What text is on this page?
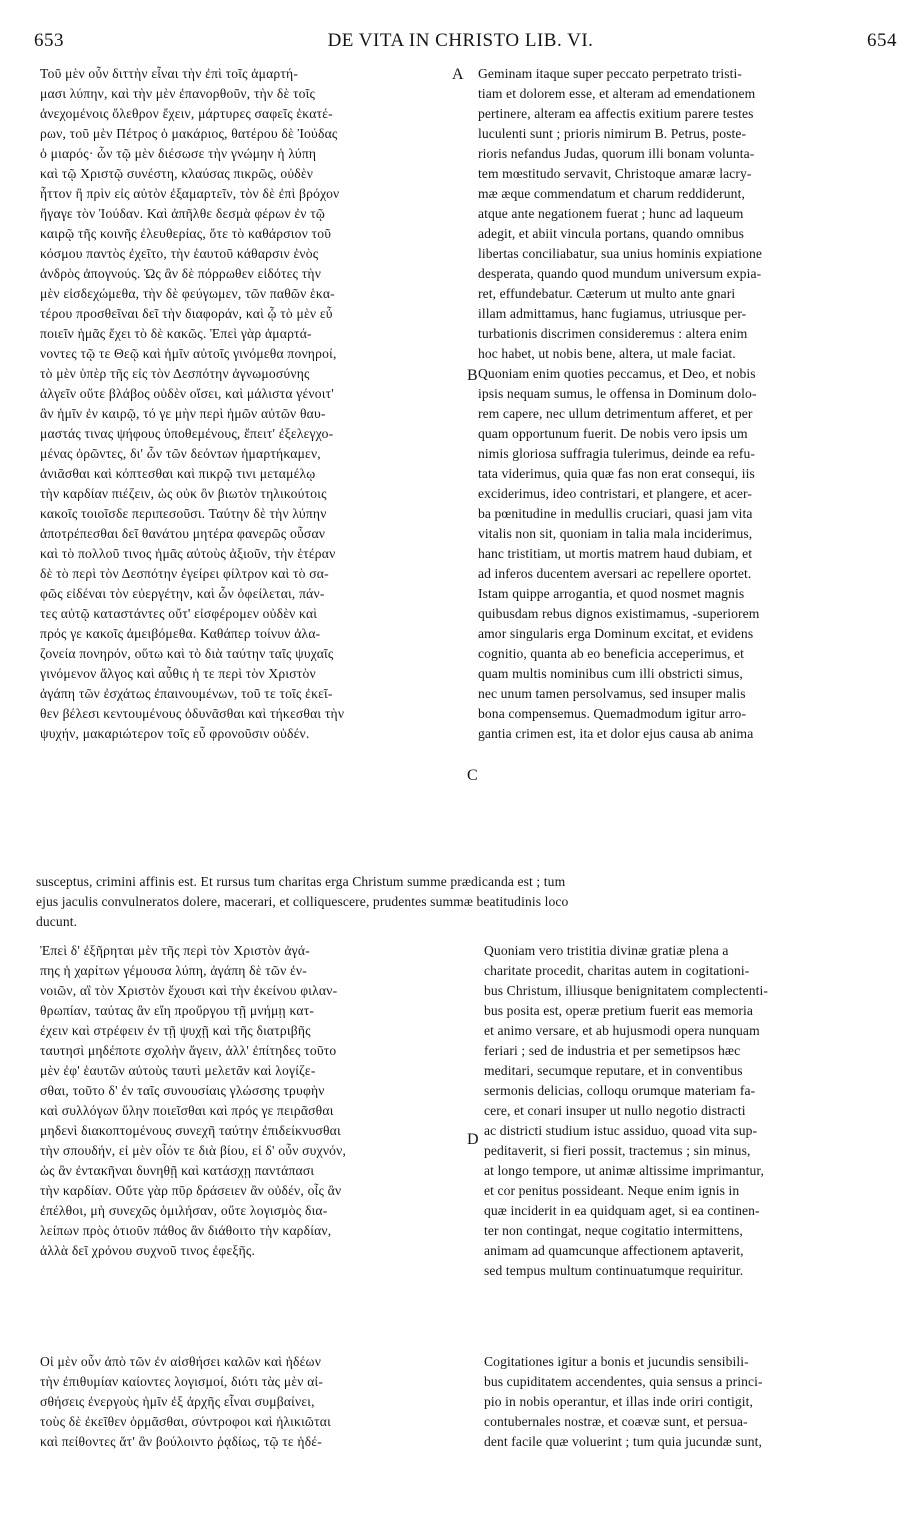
653	DE VITA IN CHRISTO LIB. VI.	654
A
B
C
D

Τοῦ μὲν οὖν διττὴν εἶναι τὴν ἐπὶ τοῖς ἁμαρτή-
μασι λύπην, καὶ τὴν μὲν ἐπανορθοῦν, τὴν δὲ τοῖς
ἀνεχομένοις ὄλεθρον ἔχειν, μάρτυρες σαφεῖς ἑκατέ-
ρων, τοῦ μὲν Πέτρος ὁ μακάριος, θατέρου δὲ Ἰούδας
ὁ μιαρός· ὧν τῷ μὲν διέσωσε τὴν γνώμην ἡ λύπη
καὶ τῷ Χριστῷ συνέστη, κλαύσας πικρῶς, οὐδὲν
ἧττον ἢ πρὶν εἰς αὐτὸν ἐξαμαρτεῖν, τὸν δὲ ἐπὶ βρόχον
ἤγαγε τὸν Ἰούδαν. Καὶ ἀπῆλθε δεσμὰ φέρων ἐν τῷ
καιρῷ τῆς κοινῆς ἐλευθερίας, ὅτε τὸ καθάρσιον τοῦ
κόσμου παντὸς ἐχεῖτο, τὴν ἑαυτοῦ κάθαρσιν ἑνὸς
ἀνδρὸς ἀπογνούς. Ὡς ἂν δὲ πόρρωθεν εἰδότες τὴν
μὲν εἰσδεχώμεθα, τὴν δὲ φεύγωμεν, τῶν παθῶν ἑκα-
τέρου προσθεῖναι δεῖ τὴν διαφοράν, καὶ ᾧ τὸ μὲν εὖ
ποιεῖν ἡμᾶς ἔχει τὸ δὲ κακῶς. Ἐπεὶ γὰρ ἁμαρτά-
νοντες τῷ τε Θεῷ καὶ ἡμῖν αὐτοῖς γινόμεθα πονηροί,
τὸ μὲν ὑπὲρ τῆς εἰς τὸν Δεσπότην ἀγνωμοσύνης
ἀλγεῖν οὔτε βλάβος οὐδὲν οἴσει, καὶ μάλιστα γένοιτ'
ἂν ἡμῖν ἐν καιρῷ, τό γε μὴν περὶ ἡμῶν αὐτῶν θαυ-
μαστάς τινας ψήφους ὑποθεμένους, ἔπειτ' ἐξελεγχο-
μένας ὁρῶντες, δι' ὧν τῶν δεόντων ἡμαρτήκαμεν,
ἀνιᾶσθαι καὶ κόπτεσθαι καὶ πικρῷ τινι μεταμέλῳ
τὴν καρδίαν πιέζειν, ὡς οὐκ ὂν βιωτὸν τηλικούτοις
κακοῖς τοιοῖσδε περιπεσοῦσι. Ταύτην δὲ τὴν λύπην
ἀποτρέπεσθαι δεῖ θανάτου μητέρα φανερῶς οὖσαν
καὶ τὸ πολλοῦ τινος ἡμᾶς αὐτοὺς ἀξιοῦν, τὴν ἑτέραν
δὲ τὸ περὶ τὸν Δεσπότην ἐγείρει φίλτρον καὶ τὸ σα-
φῶς εἰδέναι τὸν εὐεργέτην, καὶ ὧν ὀφείλεται, πάν-
τες αὐτῷ καταστάντες οὔτ' εἰσφέρομεν οὐδὲν καὶ
πρός γε κακοῖς ἀμειβόμεθα. Καθάπερ τοίνυν ἀλα-
ζονεία πονηρόν, οὕτω καὶ τὸ διὰ ταύτην ταῖς ψυχαῖς
γινόμενον ἄλγος καὶ αὖθις ἡ τε περὶ τὸν Χριστὸν
ἀγάπη τῶν ἐσχάτως ἐπαινουμένων, τοῦ τε τοῖς ἐκεῖ-
θεν βέλεσι κεντουμένους ὀδυνᾶσθαι καὶ τήκεσθαι τὴν
ψυχήν, μακαριώτερον τοῖς εὖ φρονοῦσιν οὐδέν.

Geminam itaque super peccato perpetrato tristi-
tiam et dolorem esse, et alteram ad emendationem
pertinere, alteram ea affectis exitium parere testes
luculenti sunt ; prioris nimirum B. Petrus, poste-
rioris nefandus Judas, quorum illi bonam volunta-
tem mœstitudo servavit, Christoque amaræ lacry-
mæ æque commendatum et charum reddiderunt,
atque ante negationem fuerat ; hunc ad laqueum
adegit, et abiit vincula portans, quando omnibus
libertas conciliabatur, sua unius hominis expiatione
desperata, quando quod mundum universum expia-
ret, effundebatur. Cæterum ut multo ante gnari
illam admittamus, hanc fugiamus, utriusque per-
turbationis discrimen consideremus : altera enim
hoc habet, ut nobis bene, altera, ut male faciat.
Quoniam enim quoties peccamus, et Deo, et nobis
ipsis nequam sumus, le offensa in Dominum dolo-
rem capere, nec ullum detrimentum afferet, et per
quam opportunum fuerit. De nobis vero ipsis um
nimis gloriosa suffragia tulerimus, deinde ea refu-
tata viderimus, quia quæ fas non erat consequi, iis
exciderimus, ideo contristari, et plangere, et acer-
ba pœnitudine in medullis cruciari, quasi jam vita
vitalis non sit, quoniam in talia mala inciderimus,
hanc tristitiam, ut mortis matrem haud dubiam, et
ad inferos ducentem aversari ac repellere oportet.
Istam quippe arrogantia, et quod nosmet magnis
quibusdam rebus dignos existimamus, -superiorem
amor singularis erga Dominum excitat, et evidens
cognitio, quanta ab eo beneficia acceperimus, et
quam multis nominibus cum illi obstricti simus,
nec unum tamen persolvamus, sed insuper malis
bona compensemus. Quemadmodum igitur arro-
gantia crimen est, ita et dolor ejus causa ab anima

susceptus, crimini affinis est. Et rursus tum charitas erga Christum summe prædicanda est ; tum
ejus jaculis convulneratos dolere, macerari, et colliquescere, prudentes summæ beatitudinis loco
ducunt.

Ἐπεὶ δ' ἐξῆρηται μὲν τῆς περὶ τὸν Χριστὸν ἀγά-
πης ἡ χαρίτων γέμουσα λύπη, ἀγάπη δὲ τῶν ἐν-
νοιῶν, αἳ τὸν Χριστὸν ἔχουσι καὶ τὴν ἐκείνου φιλαν-
θρωπίαν, ταύτας ἂν εἴη προὔργου τῇ μνήμῃ κατ-
έχειν καὶ στρέφειν ἐν τῇ ψυχῇ καὶ τῆς διατριβῆς
ταυτησὶ μηδέποτε σχολὴν ἄγειν, ἀλλ' ἐπίτηδες τοῦτο
μὲν ἐφ' ἑαυτῶν αὐτοὺς ταυτὶ μελετᾶν καὶ λογίζε-
σθαι, τοῦτο δ' ἐν ταῖς συνουσίαις γλώσσης τρυφὴν
καὶ συλλόγων ὕλην ποιεῖσθαι καὶ πρός γε πειρᾶσθαι
μηδενὶ διακοπτομένους συνεχῆ ταύτην ἐπιδείκνυσθαι
τὴν σπουδήν, εἰ μὲν οἷόν τε διὰ βίου, εἰ δ' οὖν συχνόν,
ὡς ἂν ἐντακῆναι δυνηθῇ καὶ κατάσχῃ παντάπασι
τὴν καρδίαν. Οὔτε γὰρ πῦρ δράσειεν ἂν οὐδέν, οἷς ἂν
ἐπέλθοι, μὴ συνεχῶς ὁμιλήσαν, οὔτε λογισμὸς δια-
λείπων πρὸς ὁτιοῦν πάθος ἂν διάθοιτο τὴν καρδίαν,
ἀλλὰ δεῖ χρόνου συχνοῦ τινος ἐφεξῆς.

Quoniam vero tristitia divinæ gratiæ plena a
charitate procedit, charitas autem in cogitationi-
bus Christum, illiusque benignitatem complectenti-
bus posita est, operæ pretium fuerit eas memoria
et animo versare, et ab hujusmodi opera nunquam
feriari ; sed de industria et per semetipsos hæc
meditari, secumque reputare, et in conventibus
sermonis delicias, colloqu orumque materiam fa-
cere, et conari insuper ut nullo negotio distracti
ac districti studium istuc assiduo, quoad vita sup-
peditaverit, si fieri possit, tractemus ; sin minus,
at longo tempore, ut animæ altissime imprimantur,
et cor penitus possideant. Neque enim ignis in
quæ inciderit in ea quidquam aget, si ea continen-
ter non contingat, neque cogitatio intermittens,
animam ad quamcunque affectionem aptaverit,
sed tempus multum continuatumque requiritur.

Οἱ μὲν οὖν ἀπὸ τῶν ἐν αἰσθήσει καλῶν καὶ ἡδέων
τὴν ἐπιθυμίαν καίοντες λογισμοί, διότι τὰς μὲν αἰ-
σθήσεις ἐνεργοὺς ἡμῖν ἐξ ἀρχῆς εἶναι συμβαίνει,
τοὺς δὲ ἐκεῖθεν ὁρμᾶσθαι, σύντροφοι καὶ ἡλικιῶται
καὶ πείθοντες ἅτ' ἂν βούλοιντο ῥᾳδίως, τῷ τε ἡδέ-

Cogitationes igitur a bonis et jucundis sensibili-
bus cupiditatem accendentes, quia sensus a princi-
pio in nobis operantur, et illas inde oriri contigit,
contubernales nostræ, et coævæ sunt, et persua-
dent facile quæ voluerint ; tum quia jucundæ sunt,
